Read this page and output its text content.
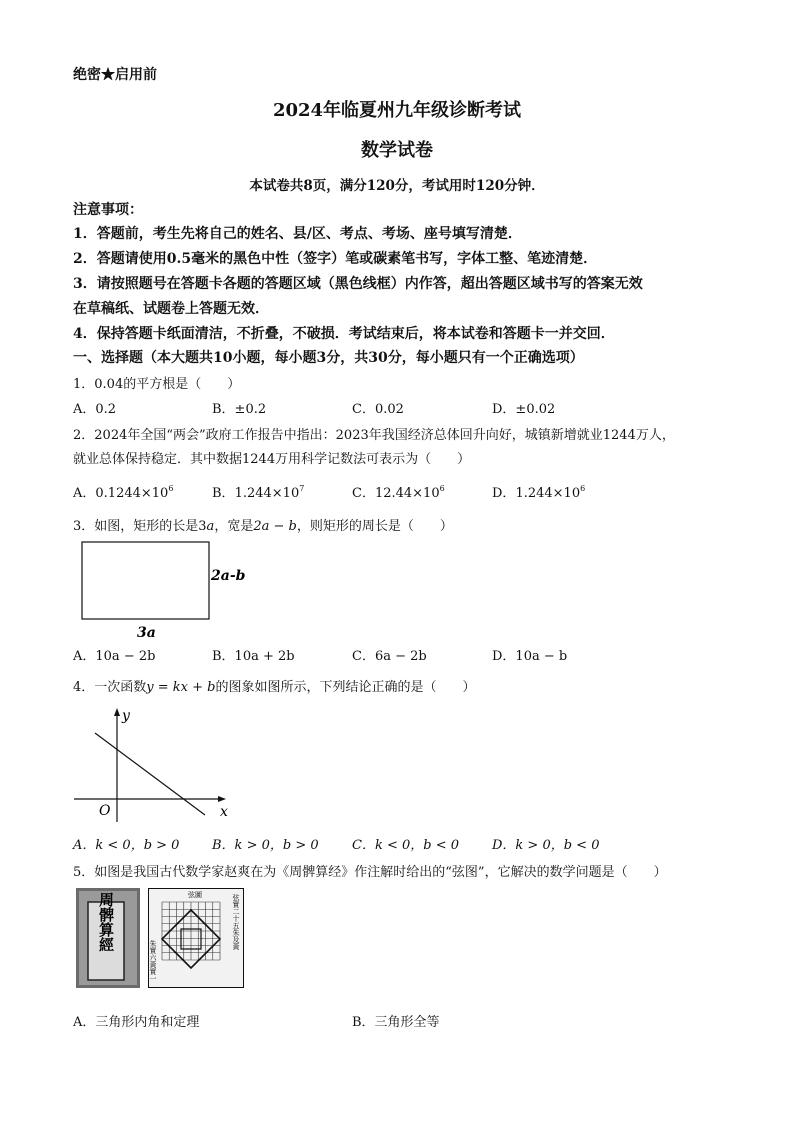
绝密★启用前
2024年临夏州九年级诊断考试
数学试卷
本试卷共8页，满分120分，考试用时120分钟．
注意事项：
1．答题前，考生先将自己的姓名、县/区、考点、考场、座号填写清楚．
2．答题请使用0.5毫米的黑色中性（签字）笔或碳素笔书写，字体工整、笔迹清楚．
3．请按照题号在答题卡各题的答题区域（黑色线框）内作答，超出答题区域书写的答案无效
在草稿纸、试题卷上答题无效．
4．保持答题卡纸面清洁，不折叠，不破损．考试结束后，将本试卷和答题卡一并交回．
一、选择题（本大题共10小题，每小题3分，共30分，每小题只有一个正确选项）
1．0.04的平方根是（　　）
A．0.2	B．±0.2	C．0.02	D．±0.02
2．2024年全国“两会”政府工作报告中指出：2023年我国经济总体回升向好，城镇新增就业1244万人，
就业总体保持稳定．其中数据1244万用科学记数法可表示为（　　）
A．$0.1244\times 10^6$	B．$1.244\times 10^7$	C．$12.44\times 10^6$	D．$1.244\times 10^6$
3．如图，矩形的长是3a，宽是2a − b，则矩形的周长是（　　）
2a-b
3a
A．10a − 2b	B．10a + 2b	C．6a − 2b	D．10a − b
4．一次函数y = kx + b的图象如图所示，下列结论正确的是（　　）
y
x
O
A．k < 0，b > 0	B．k > 0，b > 0	C．k < 0，b < 0	D．k > 0，b < 0
5．如图是我国古代数学家赵爽在为《周髀算经》作注解时给出的“弦图”，它解决的数学问题是（　　）
周髀算經	弦圖	弦實二十五朱及黃
朱實六黃實一
A．三角形内角和定理	B．三角形全等
